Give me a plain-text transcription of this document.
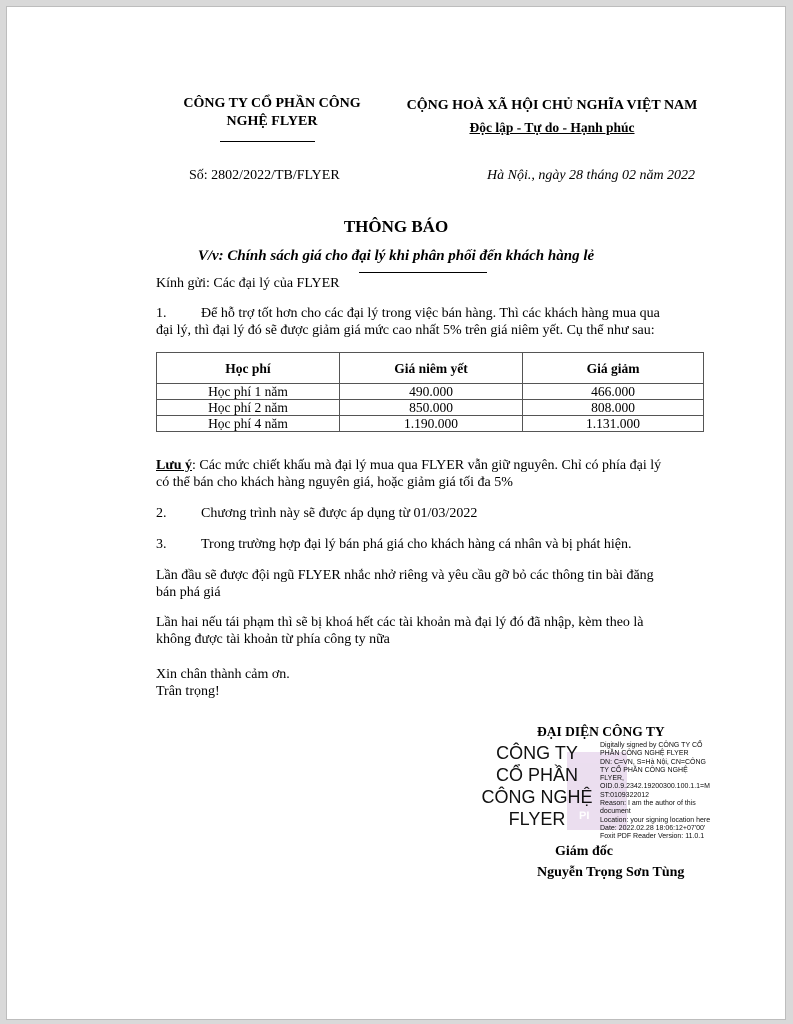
CÔNG TY CỔ PHẦN CÔNG
NGHỆ FLYER
CỘNG HOÀ XÃ HỘI CHỦ NGHĨA VIỆT NAM
Độc lập - Tự do - Hạnh phúc
Số: 2802/2022/TB/FLYER	Hà Nội., ngày 28 tháng 02 năm 2022
THÔNG BÁO
V/v: Chính sách giá cho đại lý khi phân phối đến khách hàng lẻ
Kính gửi: Các đại lý của FLYER
1. Để hỗ trợ tốt hơn cho các đại lý trong việc bán hàng. Thì các khách hàng mua qua
đại lý, thì đại lý đó sẽ được giảm giá mức cao nhất 5% trên giá niêm yết. Cụ thể như sau:
Học phí	Giá niêm yết	Giá giảm
Học phí 1 năm	490.000	466.000
Học phí 2 năm	850.000	808.000
Học phí 4 năm	1.190.000	1.131.000
Lưu ý: Các mức chiết khấu mà đại lý mua qua FLYER vẫn giữ nguyên. Chỉ có phía đại lý
có thể bán cho khách hàng nguyên giá, hoặc giảm giá tối đa 5%
2. Chương trình này sẽ được áp dụng từ 01/03/2022
3. Trong trường hợp đại lý bán phá giá cho khách hàng cá nhân và bị phát hiện.
Lần đầu sẽ được đội ngũ FLYER nhắc nhở riêng và yêu cầu gỡ bỏ các thông tin bài đăng
bán phá giá
Lần hai nếu tái phạm thì sẽ bị khoá hết các tài khoản mà đại lý đó đã nhập, kèm theo là
không được tài khoản từ phía công ty nữa
Xin chân thành cảm ơn.
Trân trọng!
ĐẠI DIỆN CÔNG TY
PI
CÔNG TY
CỔ PHẦN
CÔNG NGHỆ
FLYER
Digitally signed by CÔNG TY CỔ
PHẦN CÔNG NGHỆ FLYER
DN: C=VN, S=Hà Nội, CN=CÔNG
TY CỔ PHẦN CÔNG NGHỆ
FLYER,
OID.0.9.2342.19200300.100.1.1=M
ST:0109322012
Reason: I am the author of this
document
Location: your signing location here
Date: 2022.02.28 18:06:12+07'00'
Foxit PDF Reader Version: 11.0.1
Giám đốc
Nguyễn Trọng Sơn Tùng
